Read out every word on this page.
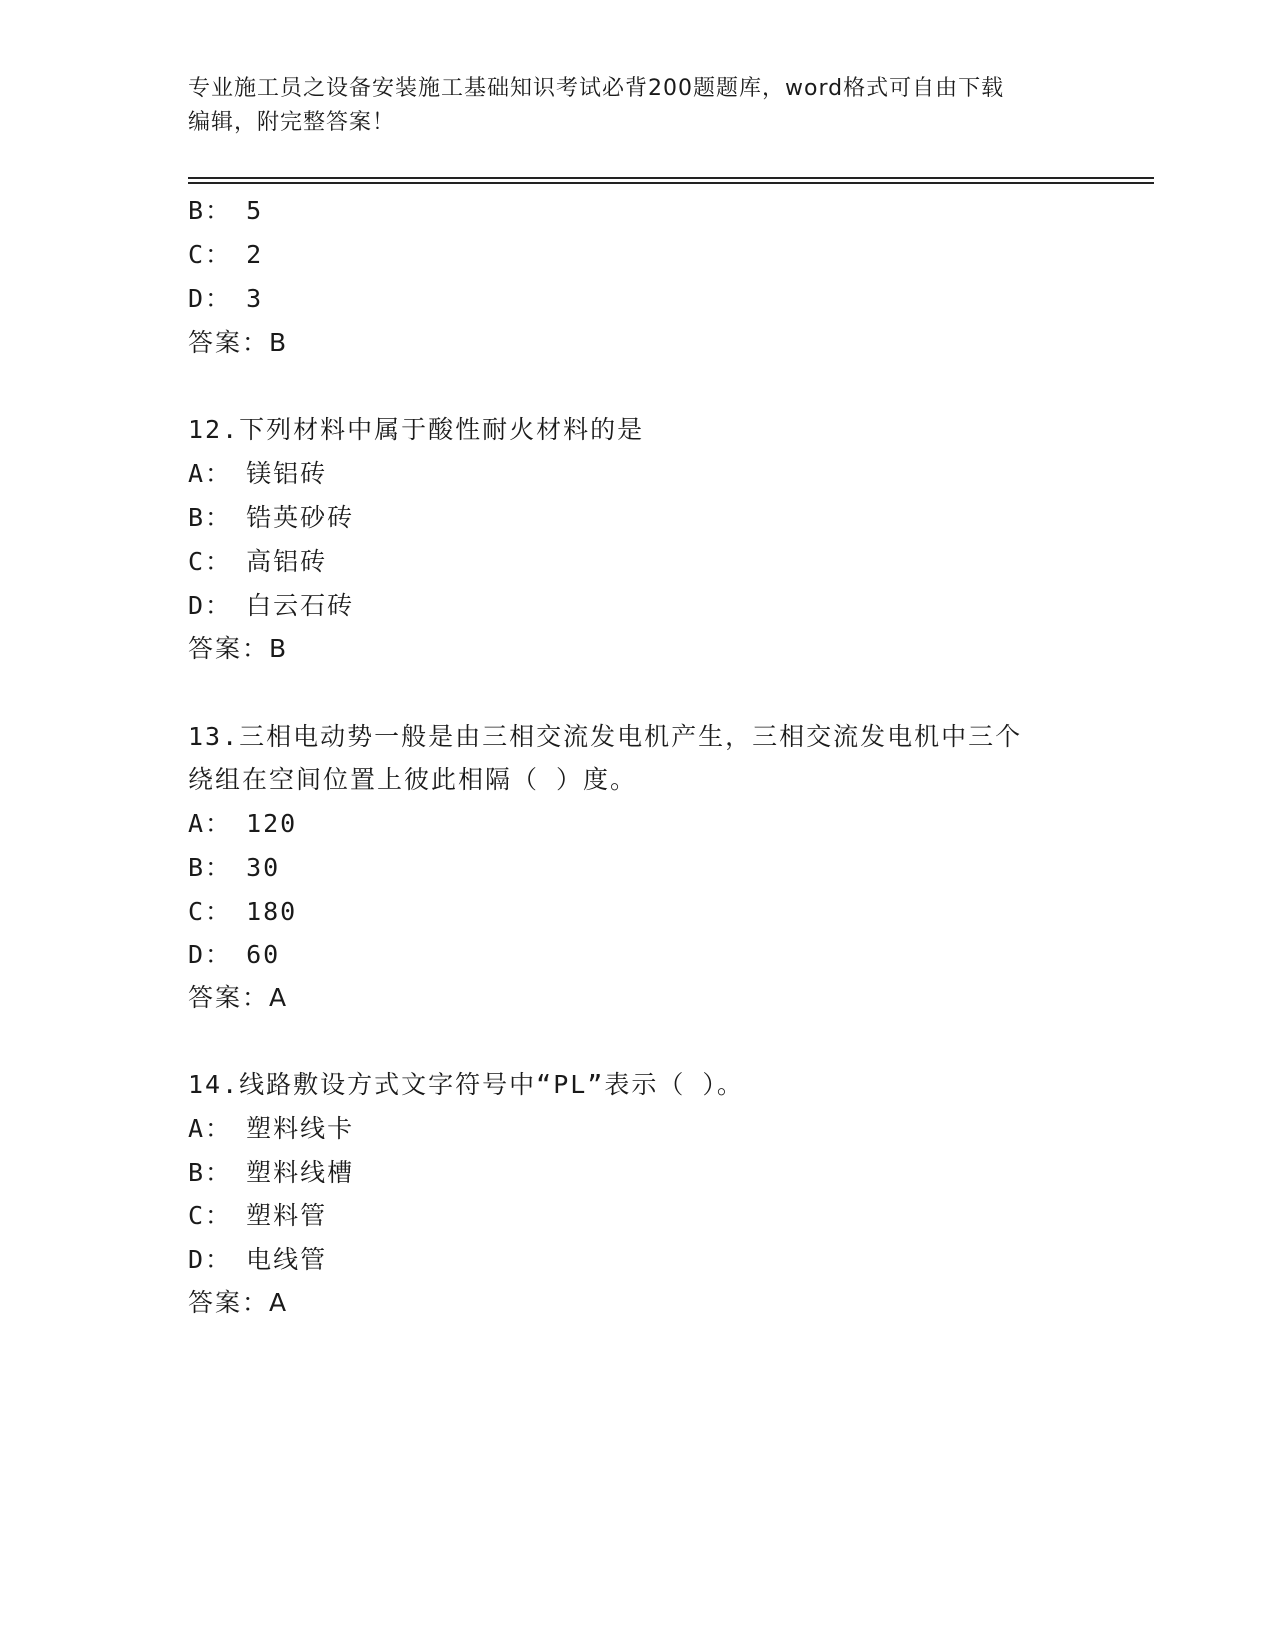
专业施工员之设备安装施工基础知识考试必背200题题库，word格式可自由下载
编辑，附完整答案！
B： 5
C： 2
D： 3
答案：B
12.下列材料中属于酸性耐火材料的是
A： 镁铝砖
B： 锆英砂砖
C： 高铝砖
D： 白云石砖
答案：B
13.三相电动势一般是由三相交流发电机产生，三相交流发电机中三个
绕组在空间位置上彼此相隔（ ）度。
A： 120
B： 30
C： 180
D： 60
答案：A
14.线路敷设方式文字符号中“PL”表示（ ）。
A： 塑料线卡
B： 塑料线槽
C： 塑料管
D： 电线管
答案：A
